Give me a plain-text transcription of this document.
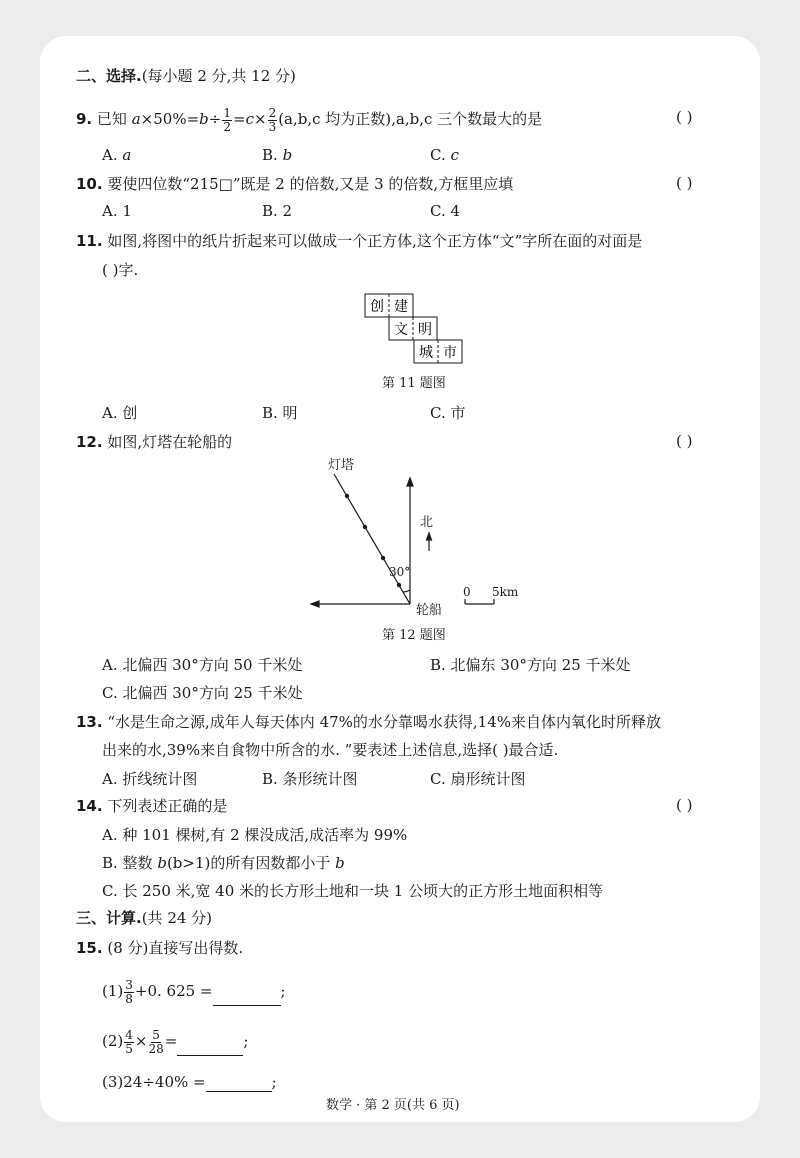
二、选择.(每小题 2 分,共 12 分)
9. 已知 $a\times 50\%=b\div \frac{1}{2} =c\times \frac{2}{3} (a,b,c$ 均为正数),a,b,c 三个数最大的是	( )
A. a	B. b	C. c
10. 要使四位数“215□”既是 2 的倍数,又是 3 的倍数,方框里应填	( )
A. 1	B. 2	C. 4
11. 如图,将图中的纸片折起来可以做成一个正方体,这个正方体“文”字所在面的对面是
( )字.
创 建
文 明
城 市
第 11 题图
A. 创	B. 明	C. 市
12. 如图,灯塔在轮船的	( )
灯塔
北
30°
轮船
0 5km
第 12 题图
A. 北偏西 30°方向 50 千米处	B. 北偏东 30°方向 25 千米处
C. 北偏西 30°方向 25 千米处
13. “水是生命之源,成年人每天体内 47%的水分靠喝水获得,14%来自体内氧化时所释放
出来的水,39%来自食物中所含的水. ”要表述上述信息,选择( )最合适.
A. 折线统计图	B. 条形统计图	C. 扇形统计图
14. 下列表述正确的是	( )
A. 种 101 棵树,有 2 棵没成活,成活率为 99%
B. 整数 b(b>1)的所有因数都小于 b
C. 长 250 米,宽 40 米的长方形土地和一块 1 公顷大的正方形土地面积相等
三、计算.(共 24 分)
15. (8 分)直接写出得数.
$(1) \frac{3}{8} +0$. 625 =	;
$(2) \frac{4}{5} \times \frac{5}{28}$ =	;
(3)24÷40% =	;
数学 · 第 2 页(共 6 页)
